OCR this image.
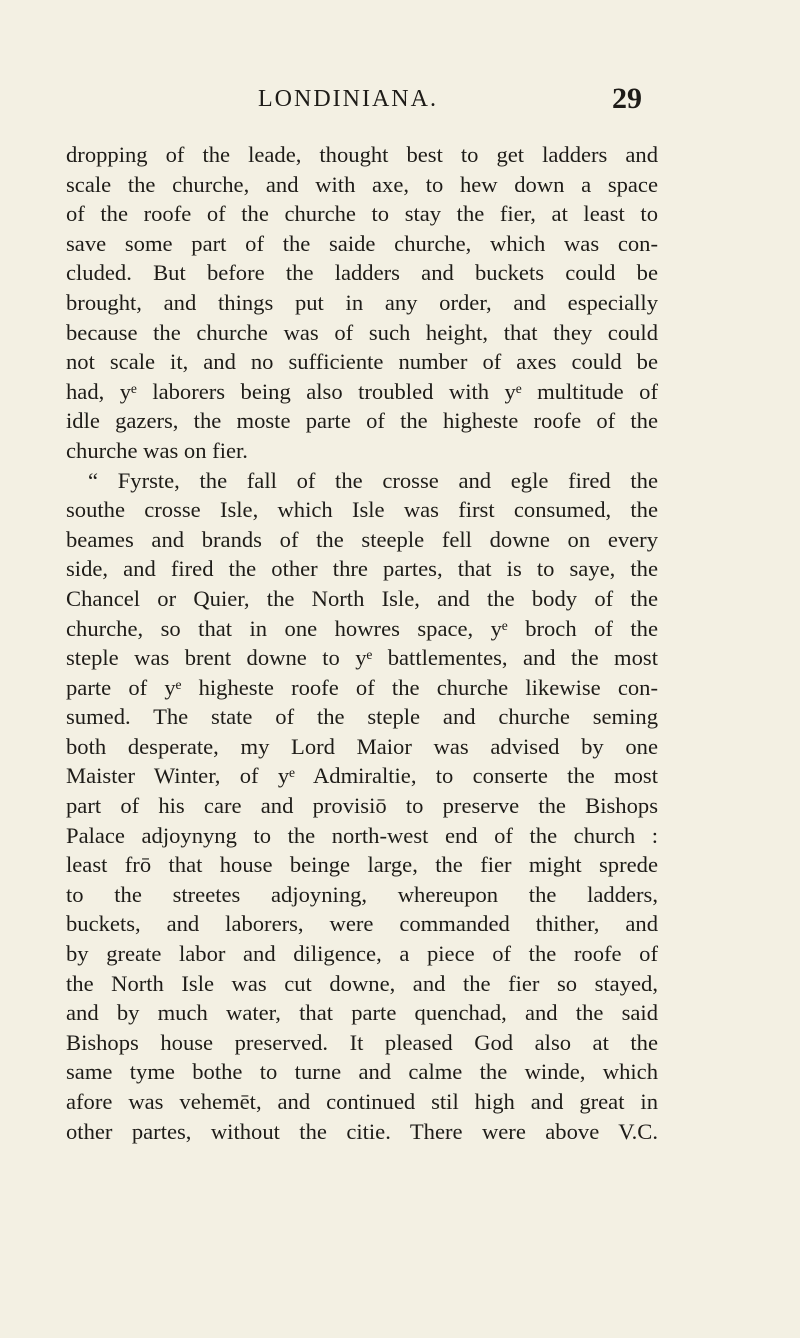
LONDINIANA.	29
dropping of the leade, thought best to get ladders and
scale the churche, and with axe, to hew down a space
of the roofe of the churche to stay the fier, at least to
save some part of the saide churche, which was con-
cluded. But before the ladders and buckets could be
brought, and things put in any order, and especially
because the churche was of such height, that they could
not scale it, and no sufficiente number of axes could be
had, yᵉ laborers being also troubled with yᵉ multitude of
idle gazers, the moste parte of the higheste roofe of the
churche was on fier.
“ Fyrste, the fall of the crosse and egle fired the
southe crosse Isle, which Isle was first consumed, the
beames and brands of the steeple fell downe on every
side, and fired the other thre partes, that is to saye, the
Chancel or Quier, the North Isle, and the body of the
churche, so that in one howres space, yᵉ broch of the
steple was brent downe to yᵉ battlementes, and the most
parte of yᵉ higheste roofe of the churche likewise con-
sumed. The state of the steple and churche seming
both desperate, my Lord Maior was advised by one
Maister Winter, of yᵉ Admiraltie, to conserte the most
part of his care and provisiō to preserve the Bishops
Palace adjoynyng to the north-west end of the church :
least frō that house beinge large, the fier might sprede
to the streetes adjoyning, whereupon the ladders,
buckets, and laborers, were commanded thither, and
by greate labor and diligence, a piece of the roofe of
the North Isle was cut downe, and the fier so stayed,
and by much water, that parte quenchad, and the said
Bishops house preserved. It pleased God also at the
same tyme bothe to turne and calme the winde, which
afore was vehemēt, and continued stil high and great in
other partes, without the citie. There were above V.C.
